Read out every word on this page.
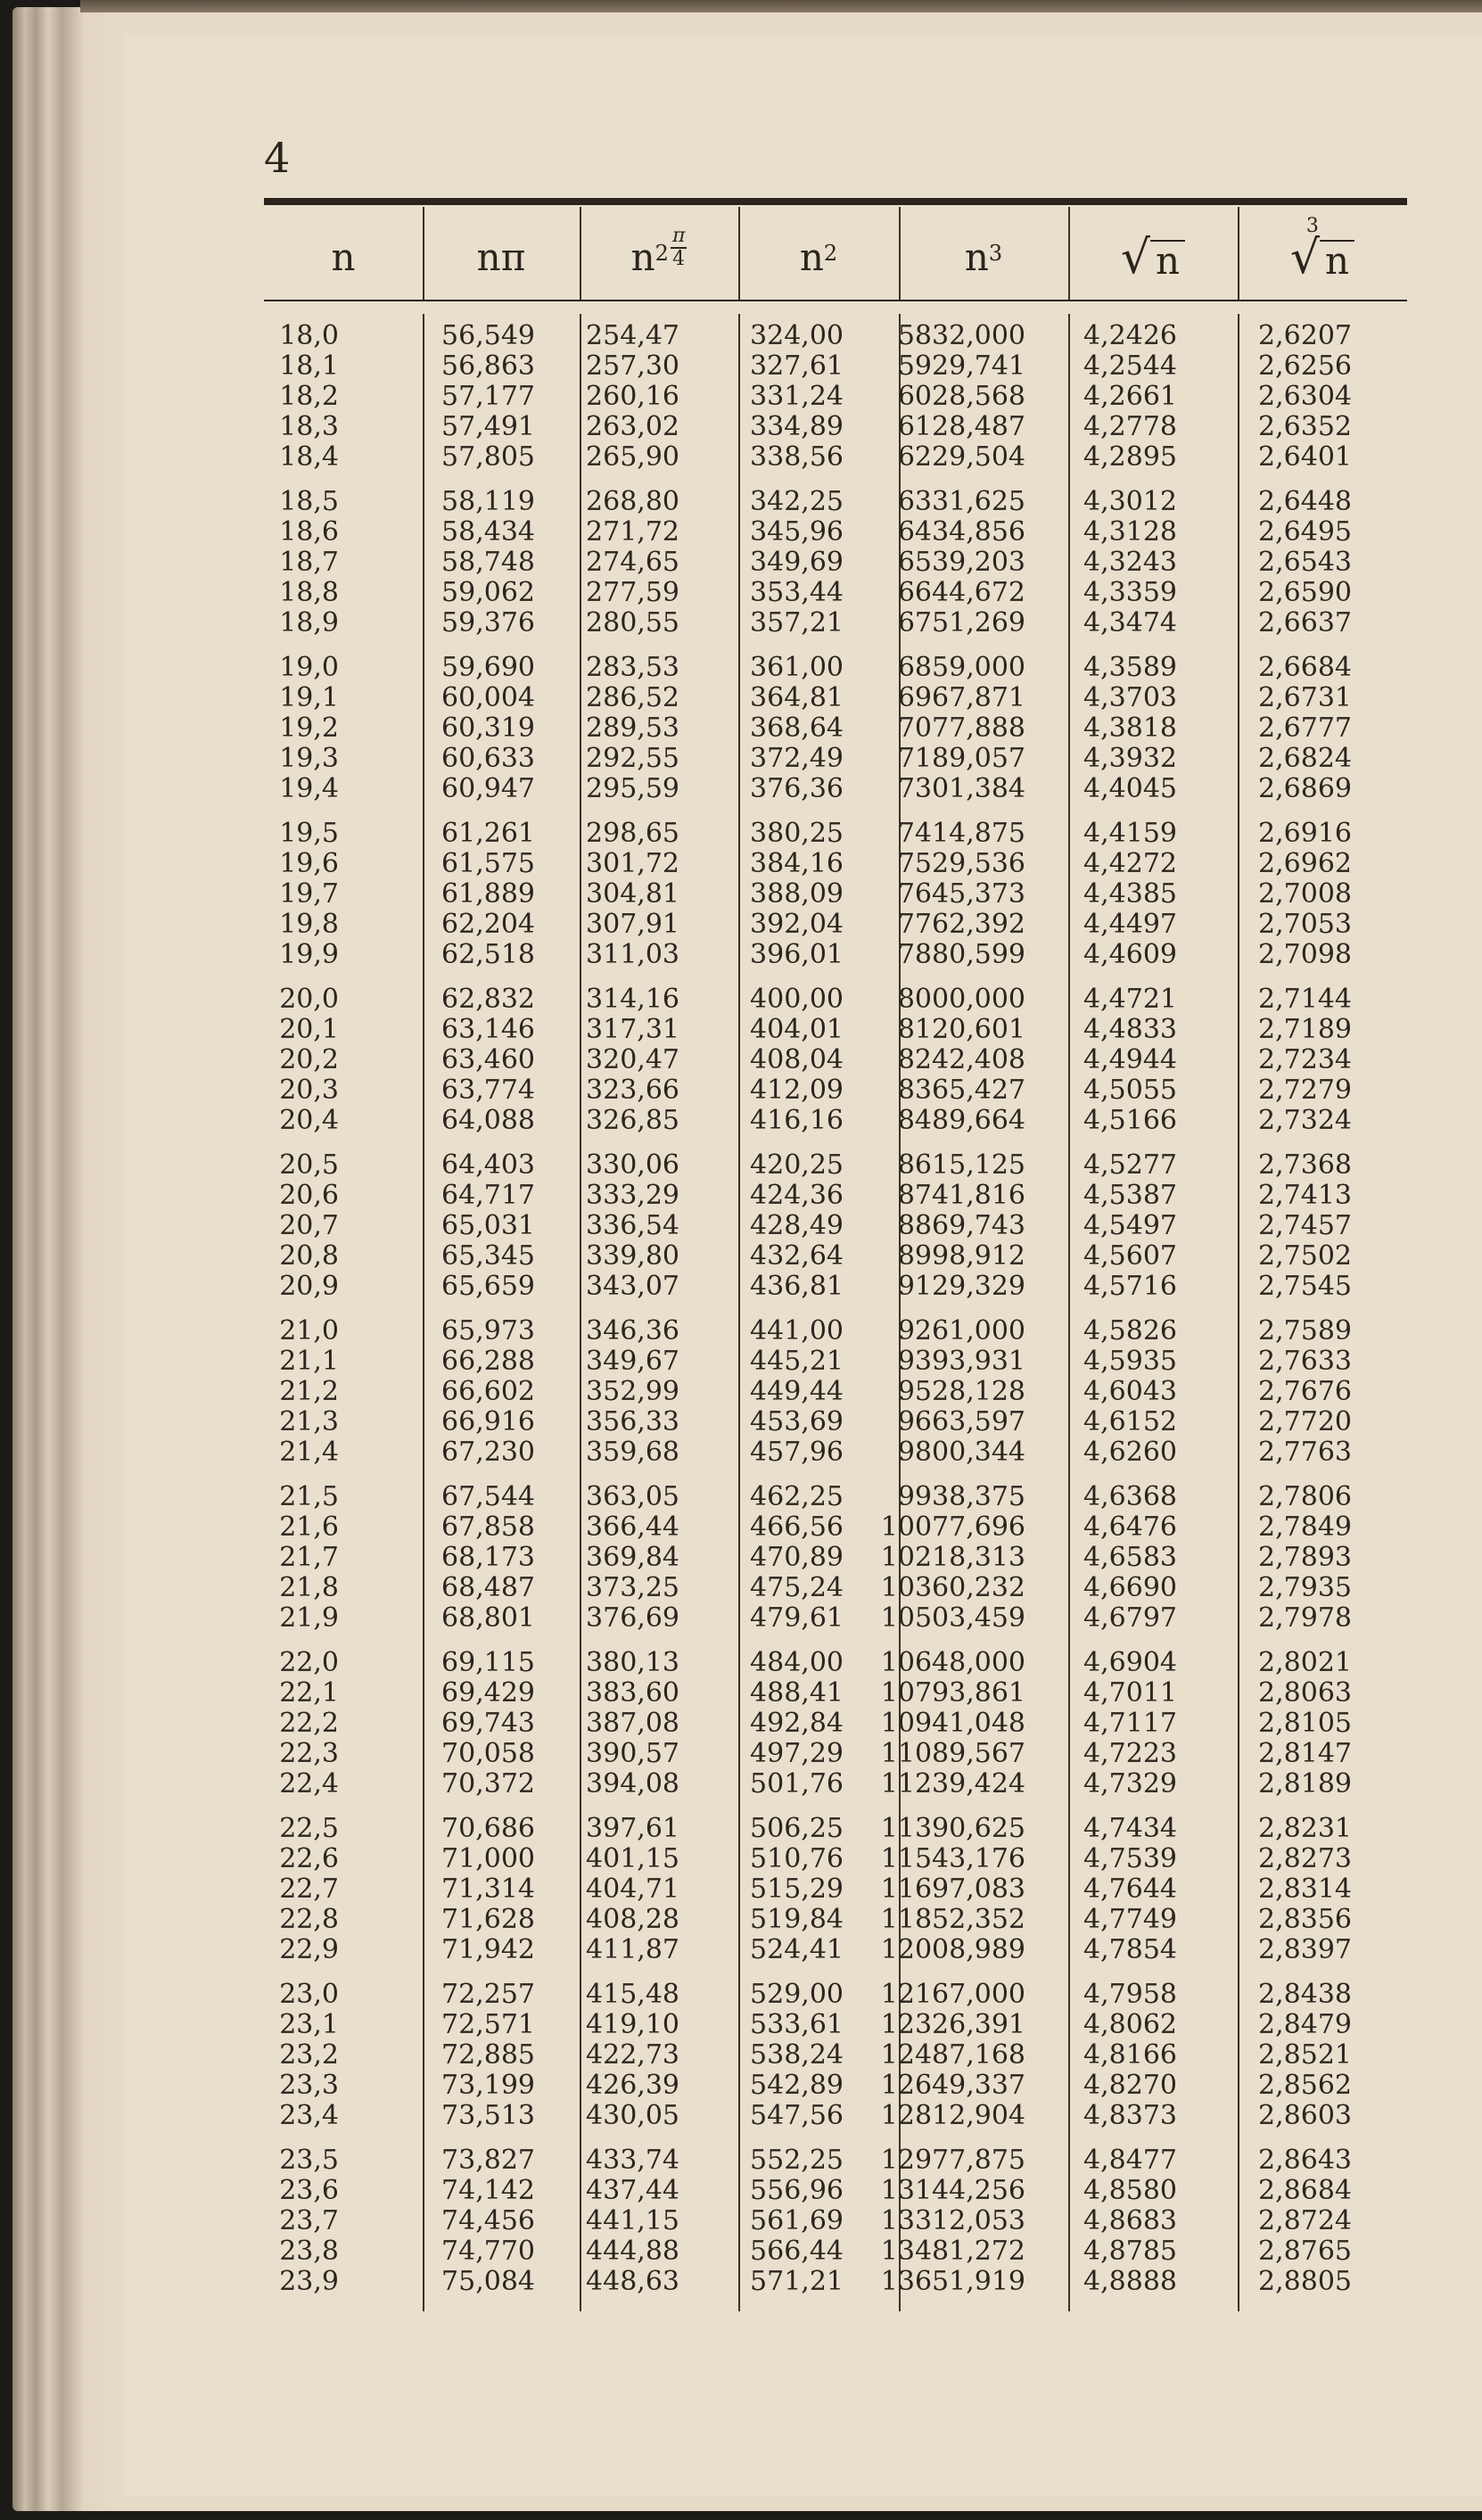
4
n	nπ	$n^2 \frac{\pi}{4}$	$n^2$	$n^3$	√ n
3
√ n
18,0	56,549 254,47	324,00 5832,000 4,2426	2,6207
18,1	56,863 257,30	327,61 5929,741 4,2544	2,6256
18,2	57,177 260,16	331,24 6028,568 4,2661	2,6304
18,3	57,491 263,02	334,89 6128,487 4,2778	2,6352
18,4	57,805 265,90	338,56 6229,504 4,2895	2,6401
18,5	58,119 268,80	342,25 6331,625 4,3012	2,6448
18,6	58,434 271,72	345,96 6434,856 4,3128	2,6495
18,7	58,748 274,65	349,69 6539,203 4,3243	2,6543
18,8	59,062 277,59	353,44 6644,672 4,3359	2,6590
18,9	59,376 280,55	357,21 6751,269 4,3474	2,6637
19,0	59,690 283,53	361,00 6859,000 4,3589	2,6684
19,1	60,004 286,52	364,81 6967,871 4,3703	2,6731
19,2	60,319 289,53	368,64 7077,888 4,3818	2,6777
19,3	60,633 292,55	372,49 7189,057 4,3932	2,6824
19,4	60,947 295,59	376,36 7301,384 4,4045	2,6869
19,5	61,261 298,65	380,25 7414,875 4,4159	2,6916
19,6	61,575 301,72	384,16 7529,536 4,4272	2,6962
19,7	61,889 304,81	388,09 7645,373 4,4385	2,7008
19,8	62,204 307,91	392,04 7762,392 4,4497	2,7053
19,9	62,518 311,03	396,01 7880,599 4,4609	2,7098
20,0	62,832 314,16	400,00 8000,000 4,4721	2,7144
20,1	63,146 317,31	404,01 8120,601 4,4833	2,7189
20,2	63,460 320,47	408,04 8242,408 4,4944	2,7234
20,3	63,774 323,66	412,09 8365,427 4,5055	2,7279
20,4	64,088 326,85	416,16 8489,664 4,5166	2,7324
20,5	64,403 330,06	420,25 8615,125 4,5277	2,7368
20,6	64,717 333,29	424,36 8741,816 4,5387	2,7413
20,7	65,031 336,54	428,49 8869,743 4,5497	2,7457
20,8	65,345 339,80	432,64 8998,912 4,5607	2,7502
20,9	65,659 343,07	436,81 9129,329 4,5716	2,7545
21,0	65,973 346,36	441,00 9261,000 4,5826	2,7589
21,1	66,288 349,67	445,21 9393,931 4,5935	2,7633
21,2	66,602 352,99	449,44 9528,128 4,6043	2,7676
21,3	66,916 356,33	453,69 9663,597 4,6152	2,7720
21,4	67,230 359,68	457,96 9800,344 4,6260	2,7763
21,5	67,544 363,05	462,25 9938,375 4,6368	2,7806
21,6	67,858 366,44	466,56 10077,696 4,6476	2,7849
21,7	68,173 369,84	470,89 10218,313 4,6583	2,7893
21,8	68,487 373,25	475,24 10360,232 4,6690	2,7935
21,9	68,801 376,69	479,61 10503,459 4,6797	2,7978
22,0	69,115 380,13	484,00 10648,000 4,6904	2,8021
22,1	69,429 383,60	488,41 10793,861 4,7011	2,8063
22,2	69,743 387,08	492,84 10941,048 4,7117	2,8105
22,3	70,058 390,57	497,29 11089,567 4,7223	2,8147
22,4	70,372 394,08	501,76 11239,424 4,7329	2,8189
22,5	70,686 397,61	506,25 11390,625 4,7434	2,8231
22,6	71,000 401,15	510,76 11543,176 4,7539	2,8273
22,7	71,314 404,71	515,29 11697,083 4,7644	2,8314
22,8	71,628 408,28	519,84 11852,352 4,7749	2,8356
22,9	71,942 411,87	524,41 12008,989 4,7854	2,8397
23,0	72,257 415,48	529,00 12167,000 4,7958	2,8438
23,1	72,571 419,10	533,61 12326,391 4,8062	2,8479
23,2	72,885 422,73	538,24 12487,168 4,8166	2,8521
23,3	73,199 426,39	542,89 12649,337 4,8270	2,8562
23,4	73,513 430,05	547,56 12812,904 4,8373	2,8603
23,5	73,827 433,74	552,25 12977,875 4,8477	2,8643
23,6	74,142 437,44	556,96 13144,256 4,8580	2,8684
23,7	74,456 441,15	561,69 13312,053 4,8683	2,8724
23,8	74,770 444,88	566,44 13481,272 4,8785	2,8765
23,9	75,084 448,63	571,21 13651,919 4,8888	2,8805
